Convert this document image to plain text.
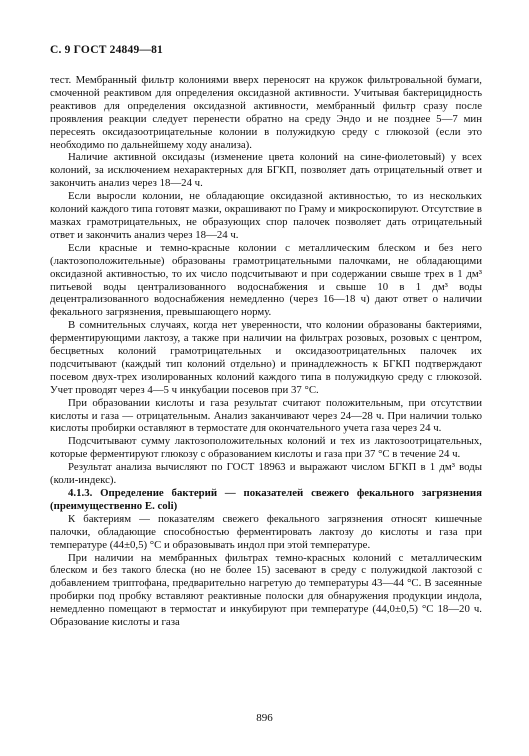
С. 9 ГОСТ 24849—81

тест. Мембранный фильтр колониями вверх переносят на кружок фильтровальной бумаги, смоченной реактивом для определения оксидазной активности. Учитывая бактерицидность реактивов для определения оксидазной активности, мембранный фильтр сразу после проявления реакции следует перенести обратно на среду Эндо и не позднее 5—7 мин пересеять оксидазоотрицательные колонии в полужидкую среду с глюкозой (если это необходимо по дальнейшему ходу анализа).

Наличие активной оксидазы (изменение цвета колоний на сине-фиолетовый) у всех колоний, за исключением нехарактерных для БГКП, позволяет дать отрицательный ответ и закончить анализ через 18—24 ч.

Если выросли колонии, не обладающие оксидазной активностью, то из нескольких колоний каждого типа готовят мазки, окрашивают по Граму и микроскопируют. Отсутствие в мазках грамотрицательных, не образующих спор палочек позволяет дать отрицательный ответ и закончить анализ через 18—24 ч.

Если красные и темно-красные колонии с металлическим блеском и без него (лактозоположительные) образованы грамотрицательными палочками, не обладающими оксидазной активностью, то их число подсчитывают и при содержании свыше трех в 1 дм³ питьевой воды централизованного водоснабжения и свыше 10 в 1 дм³ воды децентрализованного водоснабжения немедленно (через 16—18 ч) дают ответ о наличии фекального загрязнения, превышающего норму.

В сомнительных случаях, когда нет уверенности, что колонии образованы бактериями, ферментирующими лактозу, а также при наличии на фильтрах розовых, розовых с центром, бесцветных колоний грамотрицательных и оксидазоотрицательных палочек их подсчитывают (каждый тип колоний отдельно) и принадлежность к БГКП подтверждают посевом двух-трех изолированных колоний каждого типа в полужидкую среду с глюкозой. Учет проводят через 4—5 ч инкубации посевов при 37 °С.

При образовании кислоты и газа результат считают положительным, при отсутствии кислоты и газа — отрицательным. Анализ заканчивают через 24—28 ч. При наличии только кислоты пробирки оставляют в термостате для окончательного учета газа через 24 ч.

Подсчитывают сумму лактозоположительных колоний и тех из лактозоотрицательных, которые ферментируют глюкозу с образованием кислоты и газа при 37 °С в течение 24 ч.

Результат анализа вычисляют по ГОСТ 18963 и выражают числом БГКП в 1 дм³ воды (коли-индекс).

4.1.3. Определение бактерий — показателей свежего фекального загрязнения (преимущественно E. coli)

К бактериям — показателям свежего фекального загрязнения относят кишечные палочки, обладающие способностью ферментировать лактозу до кислоты и газа при температуре (44±0,5) °С и образовывать индол при этой температуре.

При наличии на мембранных фильтрах темно-красных колоний с металлическим блеском и без такого блеска (но не более 15) засевают в среду с полужидкой лактозой с добавлением триптофана, предварительно нагретую до температуры 43—44 °С. В засеянные пробирки под пробку вставляют реактивные полоски для обнаружения продукции индола, немедленно помещают в термостат и инкубируют при температуре (44,0±0,5) °С 18—20 ч. Образование кислоты и газа

896
